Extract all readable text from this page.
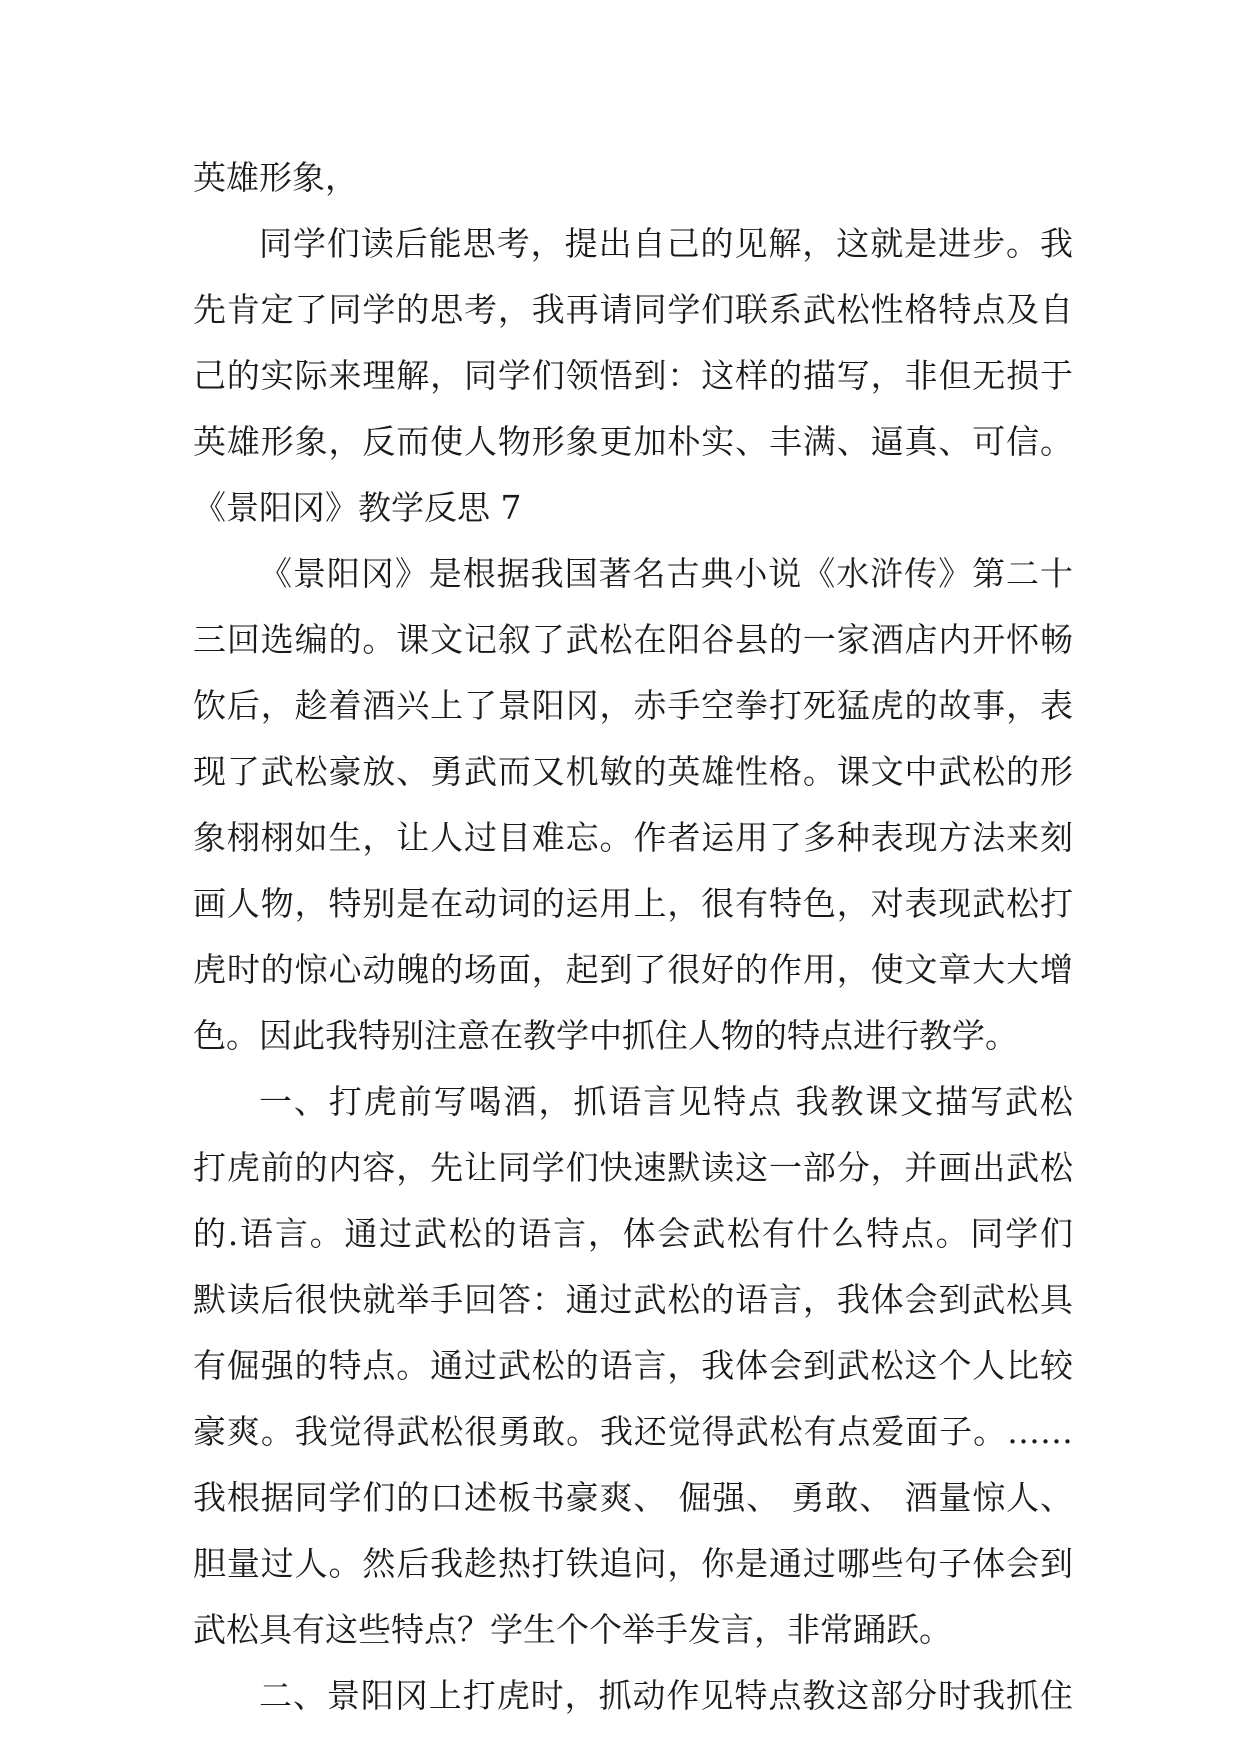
英雄形象，
同学们读后能思考，提出自己的见解，这就是进步。我
先肯定了同学的思考，我再请同学们联系武松性格特点及自
己的实际来理解，同学们领悟到：这样的描写，非但无损于
英雄形象，反而使人物形象更加朴实、丰满、逼真、可信。
《景阳冈》教学反思 7
《景阳冈》是根据我国著名古典小说《水浒传》第二十
三回选编的。课文记叙了武松在阳谷县的一家酒店内开怀畅
饮后，趁着酒兴上了景阳冈，赤手空拳打死猛虎的故事，表
现了武松豪放、勇武而又机敏的英雄性格。课文中武松的形
象栩栩如生，让人过目难忘。作者运用了多种表现方法来刻
画人物，特别是在动词的运用上，很有特色，对表现武松打
虎时的惊心动魄的场面，起到了很好的作用，使文章大大增
色。因此我特别注意在教学中抓住人物的特点进行教学。
一、打虎前写喝酒，抓语言见特点 我教课文描写武松
打虎前的内容，先让同学们快速默读这一部分，并画出武松
的.语言。通过武松的语言，体会武松有什么特点。同学们
默读后很快就举手回答：通过武松的语言，我体会到武松具
有倔强的特点。通过武松的语言，我体会到武松这个人比较
豪爽。我觉得武松很勇敢。我还觉得武松有点爱面子。……
我根据同学们的口述板书豪爽、 倔强、 勇敢、 酒量惊人、
胆量过人。然后我趁热打铁追问，你是通过哪些句子体会到
武松具有这些特点？学生个个举手发言，非常踊跃。
二、景阳冈上打虎时，抓动作见特点教这部分时我抓住
